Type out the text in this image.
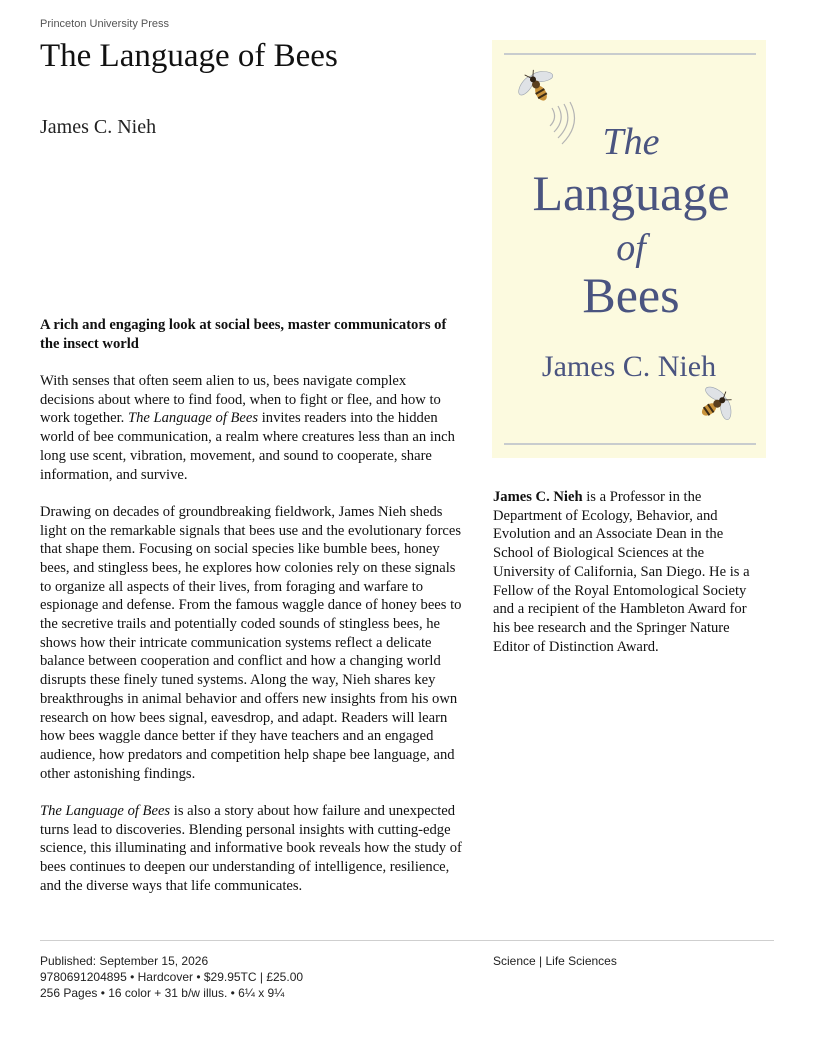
Princeton University Press
The Language of Bees
James C. Nieh

A rich and engaging look at social bees, master communicators of the insect world

With senses that often seem alien to us, bees navigate complex decisions about where to find food, when to fight or flee, and how to work together. The Language of Bees invites readers into the hidden world of bee communication, a realm where creatures less than an inch long use scent, vibration, movement, and sound to cooperate, share information, and survive.

Drawing on decades of groundbreaking fieldwork, James Nieh sheds light on the remarkable signals that bees use and the evolutionary forces that shape them. Focusing on social species like bumble bees, honey bees, and stingless bees, he explores how colonies rely on these signals to organize all aspects of their lives, from foraging and warfare to espionage and defense. From the famous waggle dance of honey bees to the secretive trails and potentially coded sounds of stingless bees, he shows how their intricate communication systems reflect a delicate balance between cooperation and conflict and how a changing world disrupts these finely tuned systems. Along the way, Nieh shares key breakthroughs in animal behavior and offers new insights from his own research on how bees signal, eavesdrop, and adapt. Readers will learn how bees waggle dance better if they have teachers and an engaged audience, how predators and competition help shape bee language, and other astonishing findings.

The Language of Bees is also a story about how failure and unexpected turns lead to discoveries. Blending personal insights with cutting-edge science, this illuminating and informative book reveals how the study of bees continues to deepen our understanding of intelligence, resilience, and the diverse ways that life communicates.

The
Language
of
Bees
James C. Nieh

James C. Nieh is a Professor in the Department of Ecology, Behavior, and Evolution and an Associate Dean in the School of Biological Sciences at the University of California, San Diego. He is a Fellow of the Royal Entomological Society and a recipient of the Hambleton Award for his bee research and the Springer Nature Editor of Distinction Award.

Published: September 15, 2026
9780691204895 • Hardcover • $29.95TC | £25.00
256 Pages • 16 color + 31 b/w illus. • 6¼ x 9¼
Science | Life Sciences
